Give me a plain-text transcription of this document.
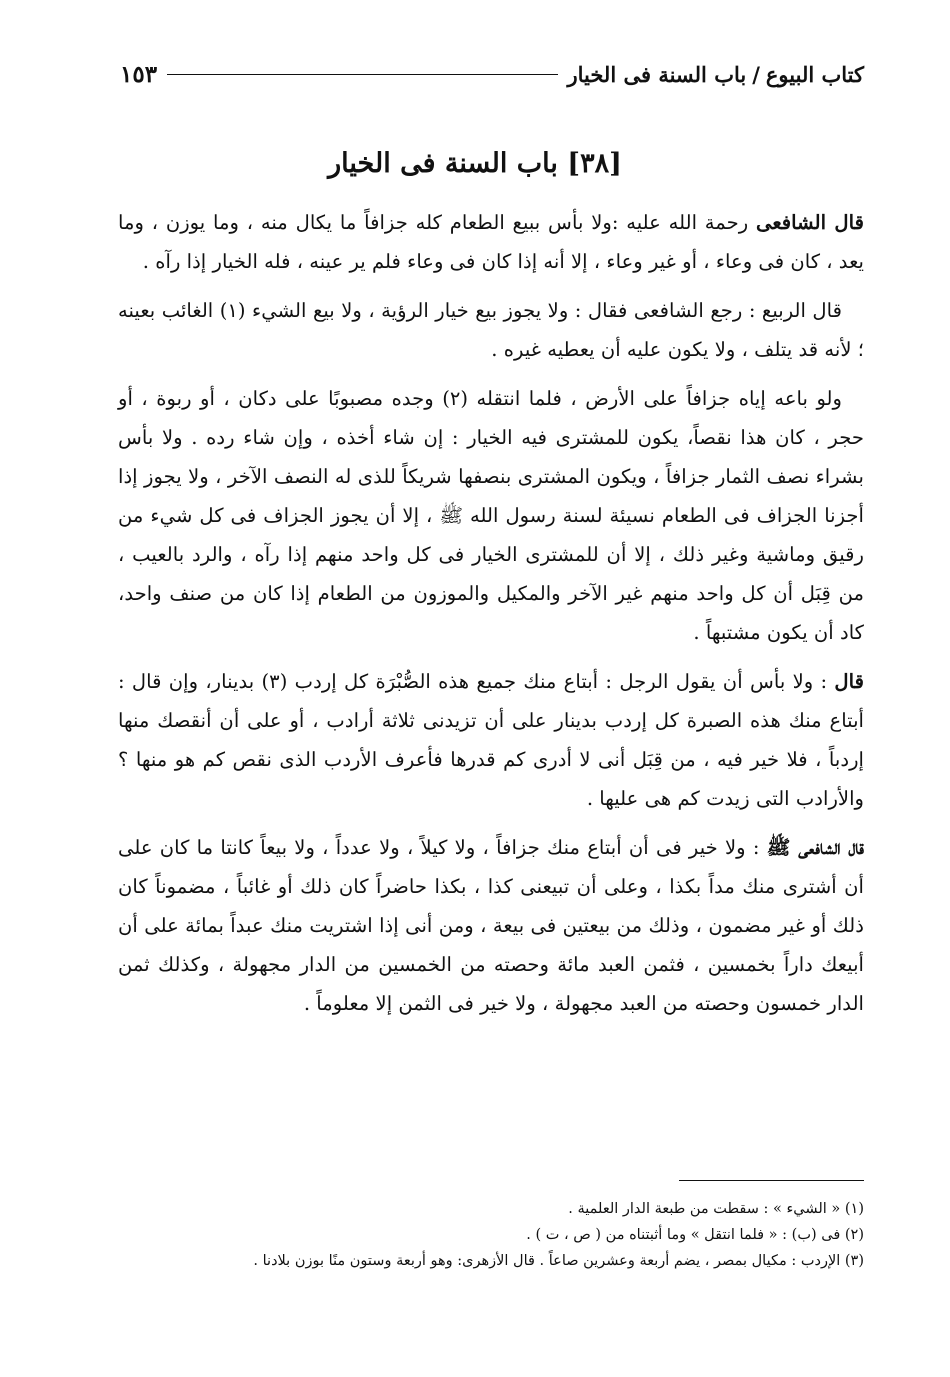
كتاب البيوع
/
باب السنة فى الخيار
١٥٣
[٣٨] باب السنة فى الخيار

قال الشافعى رحمة الله عليه :ولا بأس ببيع الطعام كله جزافاً ما يكال منه ، وما يوزن ، وما يعد ، كان فى وعاء ، أو غير وعاء ، إلا أنه إذا كان فى وعاء فلم ير عينه ، فله الخيار إذا رآه .

قال الربيع : رجع الشافعى فقال : ولا يجوز بيع خيار الرؤية ، ولا بيع الشيء (١) الغائب بعينه ؛ لأنه قد يتلف ، ولا يكون عليه أن يعطيه غيره .

ولو باعه إياه جزافاً على الأرض ، فلما انتقله (٢) وجده مصبوبًا على دكان ، أو ربوة ، أو حجر ، كان هذا نقصاً، يكون للمشترى فيه الخيار : إن شاء أخذه ، وإن شاء رده . ولا بأس بشراء نصف الثمار جزافاً ، ويكون المشترى بنصفها شريكاً للذى له النصف الآخر ، ولا يجوز إذا أجزنا الجزاف فى الطعام نسيئة لسنة رسول الله ﷺ ، إلا أن يجوز الجزاف فى كل شيء من رقيق وماشية وغير ذلك ، إلا أن للمشترى الخيار فى كل واحد منهم إذا رآه ، والرد بالعيب ، من قِبَل أن كل واحد منهم غير الآخر والمكيل والموزون من الطعام إذا كان من صنف واحد، كاد أن يكون مشتبهاً .

قال : ولا بأس أن يقول الرجل : أبتاع منك جميع هذه الصُّبْرَة كل إردب (٣) بدينار، وإن قال : أبتاع منك هذه الصبرة كل إردب بدينار على أن تزيدنى ثلاثة أرادب ، أو على أن أنقصك منها إردباً ، فلا خير فيه ، من قِبَل أنى لا أدرى كم قدرها فأعرف الأردب الذى نقص كم هو منها ؟ والأرادب التى زيدت كم هى عليها .

قال الشافعى ﷺ : ولا خير فى أن أبتاع منك جزافاً ، ولا كيلاً ، ولا عدداً ، ولا بيعاً كانتا ما كان على أن أشترى منك مداً بكذا ، وعلى أن تبيعنى كذا ، بكذا حاضراً كان ذلك أو غائباً ، مضموناً كان ذلك أو غير مضمون ، وذلك من بيعتين فى بيعة ، ومن أنى إذا اشتريت منك عبداً بمائة على أن أبيعك داراً بخمسين ، فثمن العبد مائة وحصته من الخمسين من الدار مجهولة ، وكذلك ثمن الدار خمسون وحصته من العبد مجهولة ، ولا خير فى الثمن إلا معلوماً .

(١) « الشيء » : سقطت من طبعة الدار العلمية .
(٢) فى (ب) : « فلما انتقل » وما أثبتناه من ( ص ، ت ) .
(٣) الإردب : مكيال بمصر ، يضم أربعة وعشرين صاعاً . قال الأزهرى: وهو أربعة وستون منًا بوزن بلادنا .
